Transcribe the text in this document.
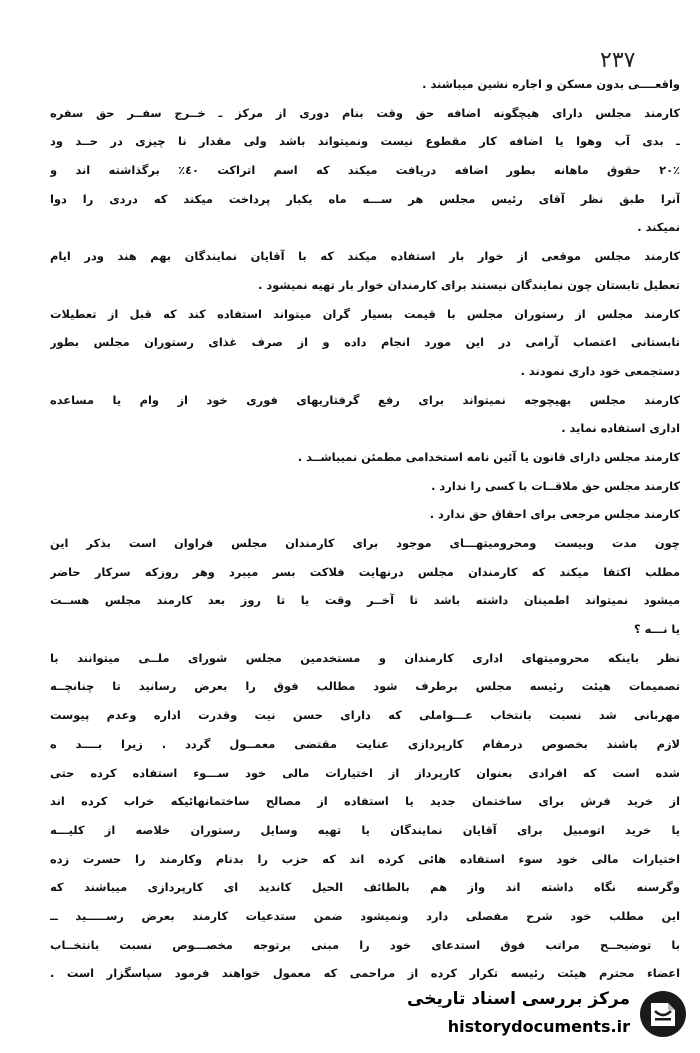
۲۳۷
واقعــــی بدون مسکن و اجاره نشین میباشند .
کارمند مجلس دارای هیچگونه اضافه حق وقت بنام دوری از مرکز ـ خــرج سفــر حق سفره
ـ بدی آب وهوا یا اضافه کار مقطوع نیست ونمیتواند باشد ولی مقدار نا چیزی در حــد ود
۲۰٪ حقوق ماهانه بطور اضافه دریافت میکند که اسم اتراکت ٤٠٪ برگذاشته اند و
آنرا طبق نظر آقای رئیس مجلس هر ســـه ماه یکبار پرداخت میکند که دردی را دوا
نمیکند .
کارمند مجلس موقعی از خوار بار استفاده میکند که با آقایان نمایندگان بهم هند ودر ایام
تعطیل تابستان چون نمایندگان نیستند برای کارمندان خوار بار تهیه نمیشود .
کارمند مجلس از رستوران مجلس با قیمت بسیار گران میتواند استفاده کند که قبل از تعطیلات
تابستانی اعتصاب آرامی در این مورد انجام داده و از صرف غذای رستوران مجلس بطور
دستجمعی خود داری نمودند .
کارمند مجلس بهیچوجه نمیتواند برای رفع گرفتاریهای فوری خود از وام یا مساعده
اداری استفاده نماید .
کارمند مجلس دارای قانون یا آئین نامه استخدامی مطمئن نمیباشــد .
کارمند مجلس حق ملاقــات با کسی را ندارد .
کارمند مجلس مرجعی برای احقاق حق ندارد .
چون مدت وبیست ومحرومیتهـــای موجود برای کارمندان مجلس فراوان است بذکر این
مطلب اکتفا میکند که کارمندان مجلس درنهایت فلاکت بسر میبرد وهر روزکه سرکار حاضر
میشود نمیتواند اطمینان داشته باشد تا آخــر وقت یا تا روز بعد کارمند مجلس هســت
یا نـــه ؟
نظر باینکه محرومیتهای اداری کارمندان و مستخدمین مجلس شورای ملــی میتوانند با
تصمیمات هیئت رئیسه مجلس برطرف شود مطالب فوق را بعرض رسانید تا چنانچــه
مهربانی شد نسبت بانتخاب عـــواملی که دارای حسن نیت وقدرت اداره وعدم پیوست
لازم باشند بخصوص درمقام کارپردازی عنایت مقتضی معمــول گردد . زیرا بــــد ه
شده است که افرادی بعنوان کارپرداز از اختیارات مالی خود ســـوء استفاده کرده حتی
از خرید فرش برای ساختمان جدید یا استفاده از مصالح ساختمانهائیکه خراب کرده اند
یا خرید اتومبیل برای آقایان نمایندگان یا تهیه وسایل رستوران خلاصه از کلیـــه
اختیارات مالی خود سوء استفاده هائی کرده اند که حزب را بدنام وکارمند را حسرت زده
وگرسنه نگاه داشته اند واز هم بالطائف الحیل کاندید ای کارپردازی میباشند که
این مطلب خود شرح مفصلی دارد ونمیشود ضمن ستدعیات کارمند بعرض رســـــید ــ
با توضیحــح مراتب فوق استدعای خود را مبنی برتوجه مخصـــوص نسبت بانتخــاب
اعضاء محترم هیئت رئیسه تکرار کرده از مراحمی که معمول خواهند فرمود سپاسگزار است .
مرکز بررسی اسناد تاریخی
historydocuments.ir
